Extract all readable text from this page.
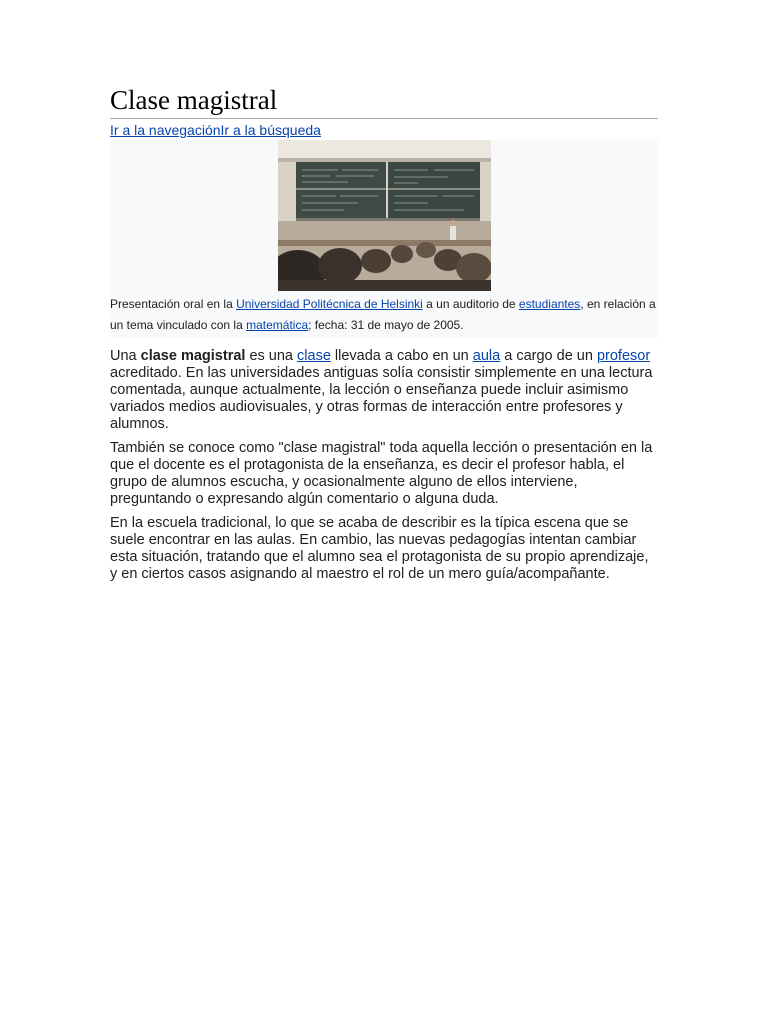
Clase magistral
Ir a la navegaciónIr a la búsqueda
Presentación oral en la Universidad Politécnica de Helsinki a un auditorio de estudiantes, en relación a un tema vinculado con la matemática; fecha: 31 de mayo de 2005.

Una clase magistral es una clase llevada a cabo en un aula a cargo de un profesor acreditado. En las universidades antiguas solía consistir simplemente en una lectura comentada, aunque actualmente, la lección o enseñanza puede incluir asimismo variados medios audiovisuales, y otras formas de interacción entre profesores y alumnos.

También se conoce como "clase magistral" toda aquella lección o presentación en la que el docente es el protagonista de la enseñanza, es decir el profesor habla, el grupo de alumnos escucha, y ocasionalmente alguno de ellos interviene, preguntando o expresando algún comentario o alguna duda.

En la escuela tradicional, lo que se acaba de describir es la típica escena que se suele encontrar en las aulas. En cambio, las nuevas pedagogías intentan cambiar esta situación, tratando que el alumno sea el protagonista de su propio aprendizaje, y en ciertos casos asignando al maestro el rol de un mero guía/acompañante.
